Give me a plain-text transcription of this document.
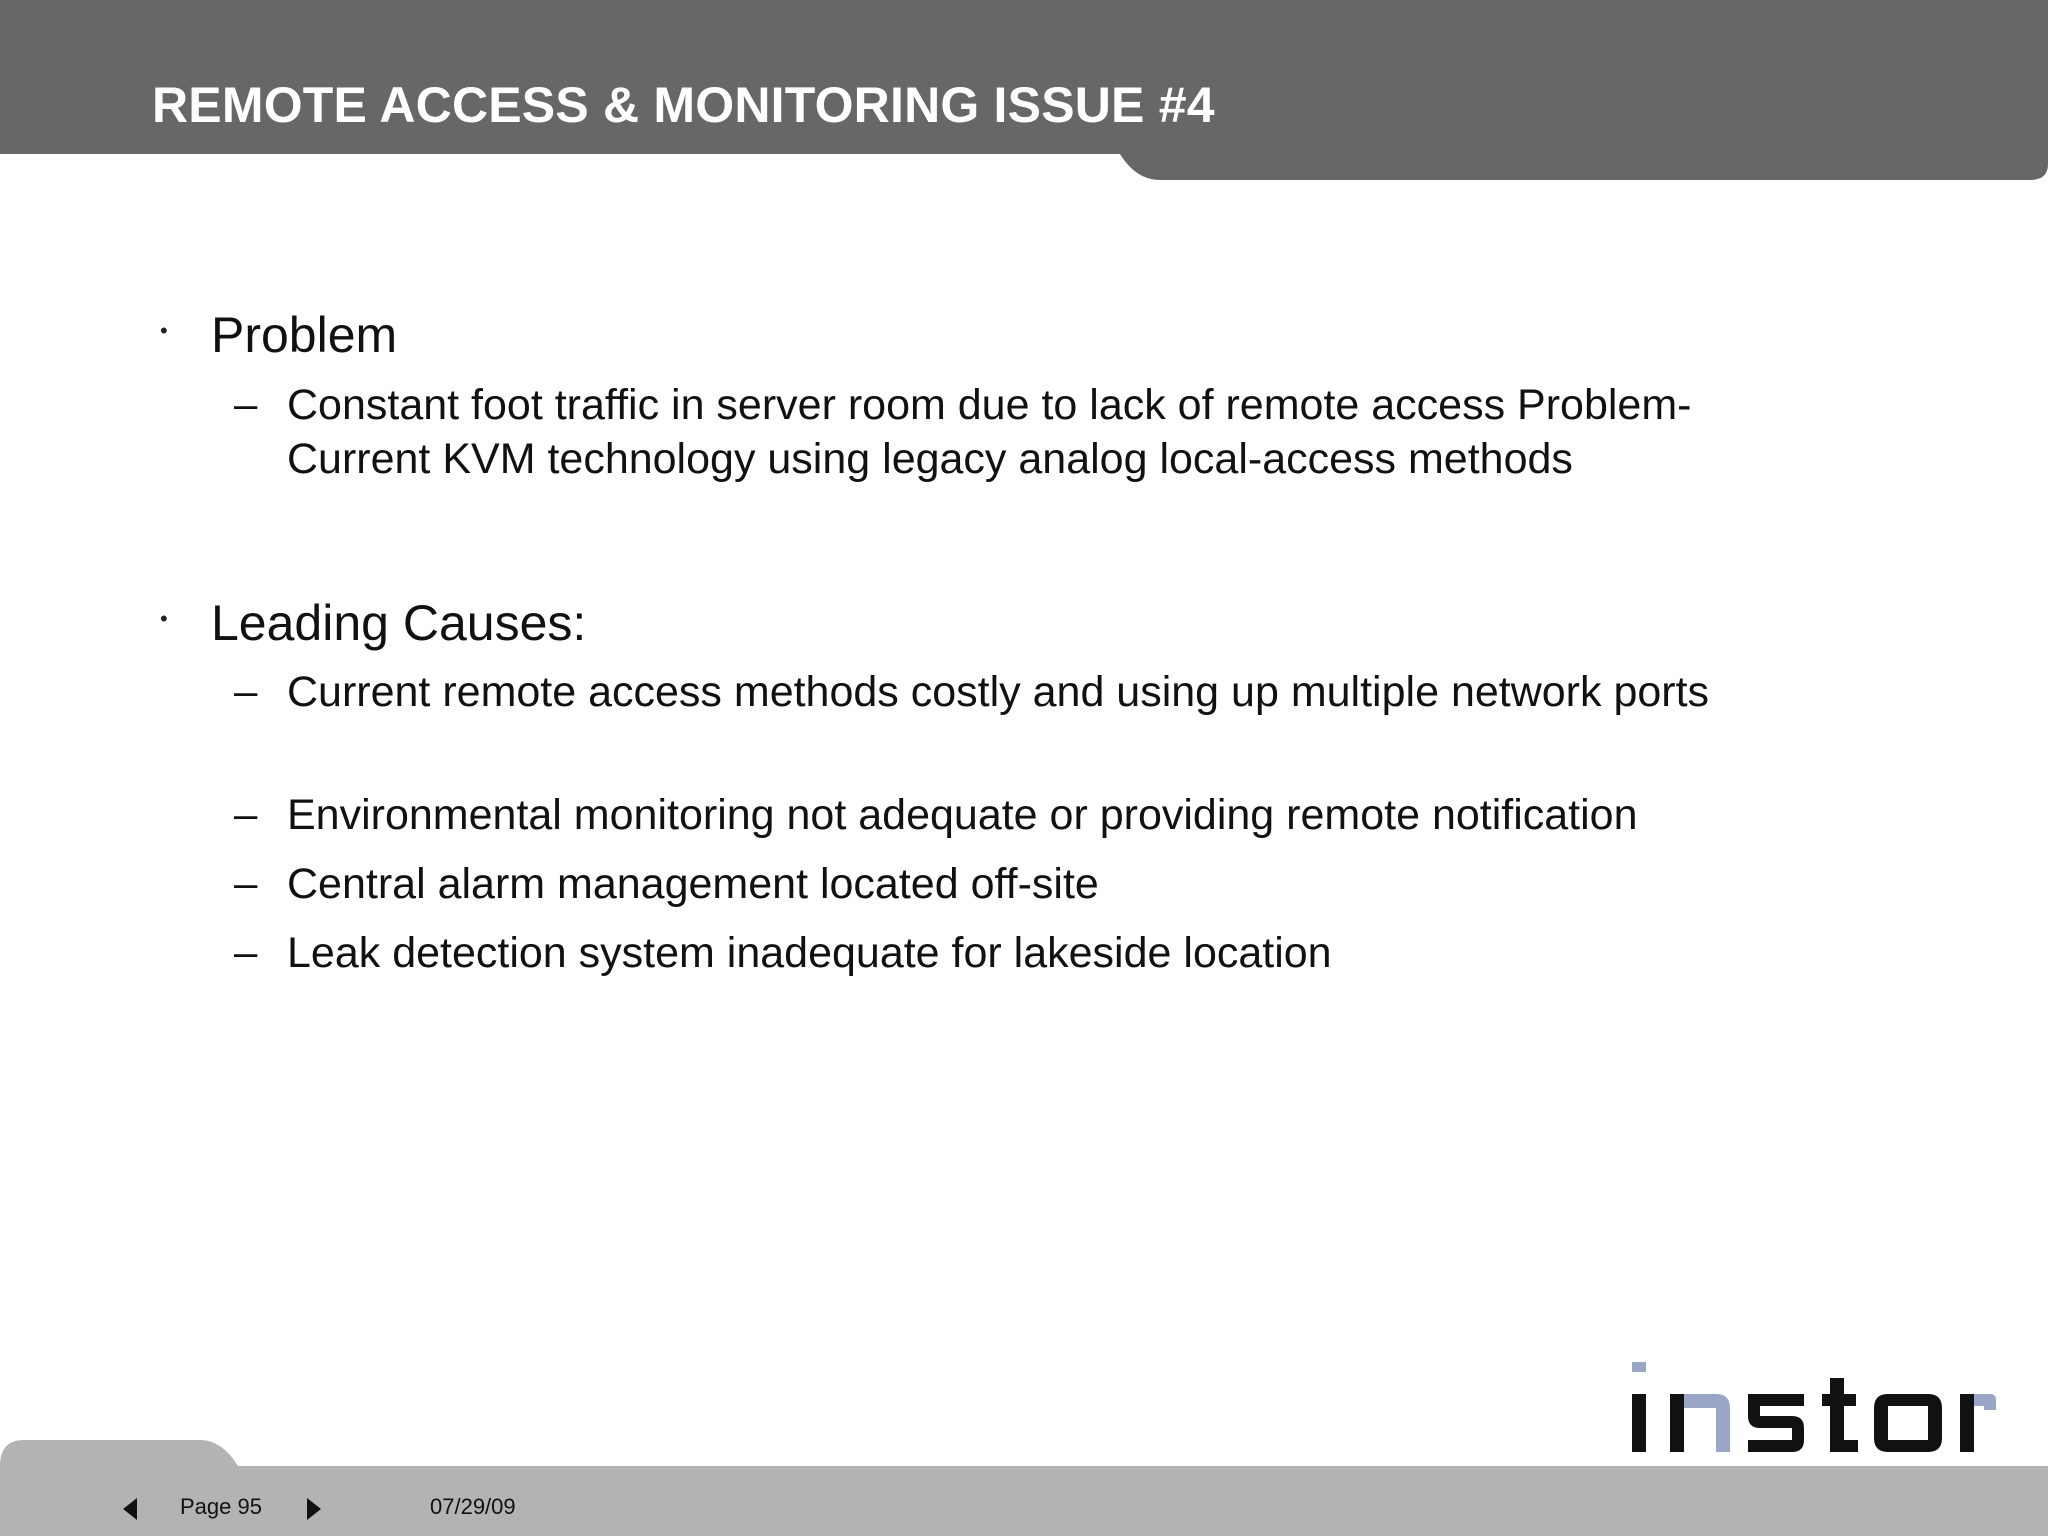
REMOTE ACCESS & MONITORING ISSUE #4
• Problem
– Constant foot traffic in server room due to lack of remote access Problem-Current KVM technology using legacy analog local-access methods
• Leading Causes:
– Current remote access methods costly and using up multiple network ports
– Environmental monitoring not adequate or providing remote notification
– Central alarm management located off-site
– Leak detection system inadequate for lakeside location
Page 95	07/29/09
